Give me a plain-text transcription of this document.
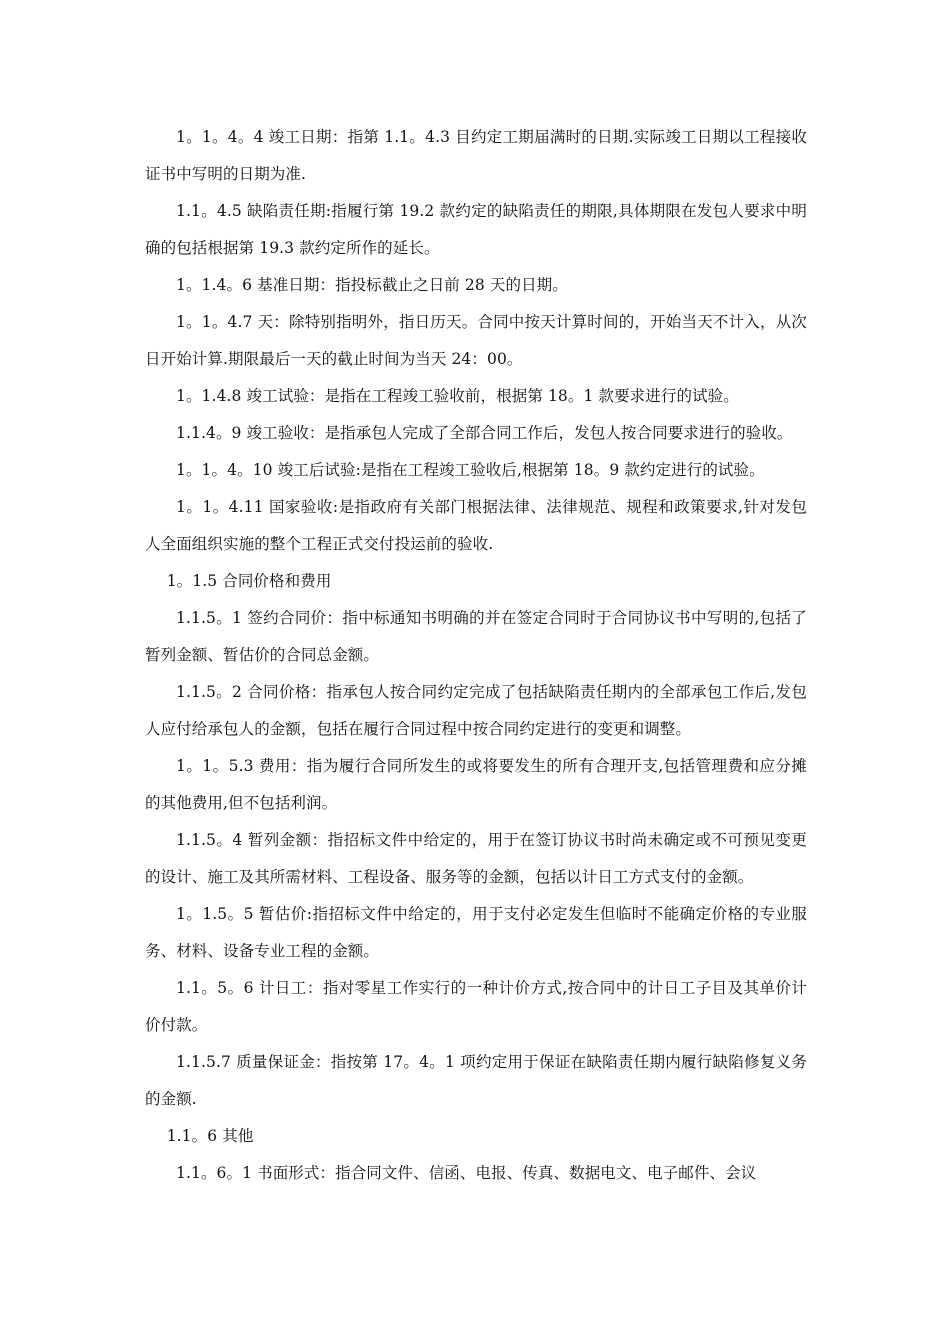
1。1。4。4 竣工日期：指第 1.1。4.3 目约定工期届满时的日期.实际竣工日期以工程接收证书中写明的日期为准.

1.1。4.5 缺陷责任期:指履行第 19.2 款约定的缺陷责任的期限,具体期限在发包人要求中明确的包括根据第 19.3 款约定所作的延长。

1。1.4。6 基准日期：指投标截止之日前 28 天的日期。

1。1。4.7 天：除特别指明外，指日历天。合同中按天计算时间的，开始当天不计入，从次日开始计算.期限最后一天的截止时间为当天 24：00。

1。1.4.8 竣工试验：是指在工程竣工验收前，根据第 18。1 款要求进行的试验。

1.1.4。9 竣工验收：是指承包人完成了全部合同工作后，发包人按合同要求进行的验收。

1。1。4。10 竣工后试验:是指在工程竣工验收后,根据第 18。9 款约定进行的试验。

1。1。4.11 国家验收:是指政府有关部门根据法律、法律规范、规程和政策要求,针对发包人全面组织实施的整个工程正式交付投运前的验收.

1。1.5 合同价格和费用

1.1.5。1 签约合同价：指中标通知书明确的并在签定合同时于合同协议书中写明的,包括了暂列金额、暂估价的合同总金额。

1.1.5。2 合同价格：指承包人按合同约定完成了包括缺陷责任期内的全部承包工作后,发包人应付给承包人的金额，包括在履行合同过程中按合同约定进行的变更和调整。

1。1。5.3 费用：指为履行合同所发生的或将要发生的所有合理开支,包括管理费和应分摊的其他费用,但不包括利润。

1.1.5。4 暂列金额：指招标文件中给定的，用于在签订协议书时尚未确定或不可预见变更的设计、施工及其所需材料、工程设备、服务等的金额，包括以计日工方式支付的金额。

1。1.5。5 暂估价:指招标文件中给定的，用于支付必定发生但临时不能确定价格的专业服务、材料、设备专业工程的金额。

1.1。5。6 计日工：指对零星工作实行的一种计价方式,按合同中的计日工子目及其单价计价付款。

1.1.5.7 质量保证金：指按第 17。4。1 项约定用于保证在缺陷责任期内履行缺陷修复义务的金额.

1.1。6 其他

1.1。6。1 书面形式：指合同文件、信函、电报、传真、数据电文、电子邮件、会议
